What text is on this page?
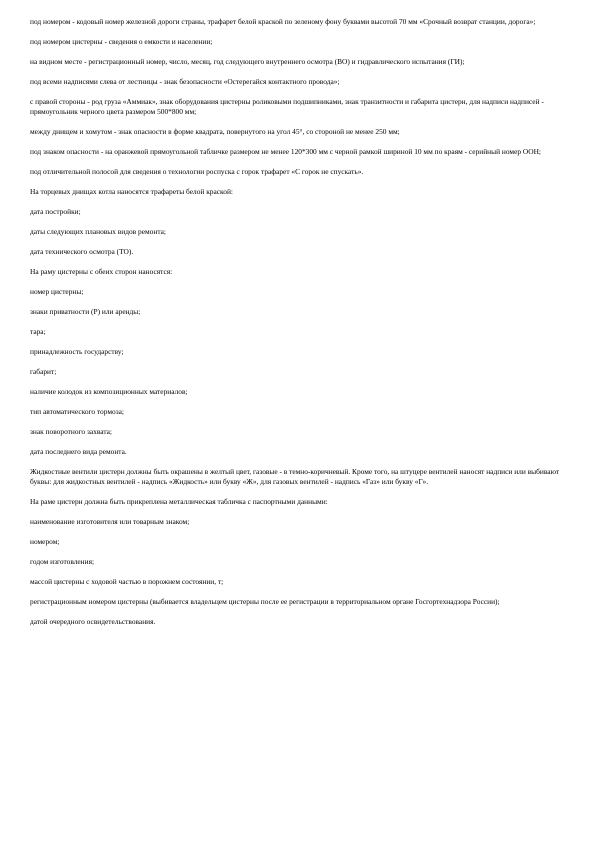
под номером - кодовый номер железной дороги страны, трафарет белой краской по зеленому фону буквами высотой 70 мм «Срочный возврат станции, дорога»;

под номером цистерны - сведения о емкости и населении;

на видном месте - регистрационный номер, число, месяц, год следующего внутреннего осмотра (ВО) и гидравлического испытания (ГИ);

под всеми надписями слева от лестницы - знак безопасности «Остерегайся контактного провода»;

с правой стороны - род груза «Аммиак», знак оборудования цистерны роликовыми подшипниками, знак транзитности и габарита цистерн, для надписи надписей - прямоугольник черного цвета размером 500*800 мм;

между днищем и хомутом - знак опасности в форме квадрата, повернутого на угол 45°, со стороной не менее 250 мм;

под знаком опасности - на оранжевой прямоугольной табличке размером не менее 120*300 мм с черной рамкой шириной 10 мм по краям - серийный номер ООН;

под отличительной полосой для сведения о технологии роспуска с горок трафарет «С горок не спускать».

На торцевых днищах котла наносятся трафареты белой краской:

дата постройки;

даты следующих плановых видов ремонта;

дата технического осмотра (ТО).

На раму цистерны с обеих сторон наносятся:

номер цистерны;

знаки приватности (Р) или аренды;

тара;

принадлежность государству;

габарит;

наличие колодок из композиционных материалов;

тип автоматического тормоза;

знак поворотного захвата;

дата последнего вида ремонта.

Жидкостные вентили цистерн должны быть окрашены в желтый цвет, газовые - в темно-коричневый. Кроме того, на штуцере вентилей наносят надписи или выбивают буквы: для жидкостных вентилей - надпись «Жидкость» или букву «Ж», для газовых вентилей - надпись «Газ» или букву «Г».

На раме цистерн должна быть прикреплена металлическая табличка с паспортными данными:

наименование изготовителя или товарным знаком;

номером;

годом изготовления;

массой цистерны с ходовой частью в порожнем состоянии, т;

регистрационным номером цистерны (выбивается владельцем цистерны после ее регистрации в территориальном органе Госгортехнадзора России);

датой очередного освидетельствования.
